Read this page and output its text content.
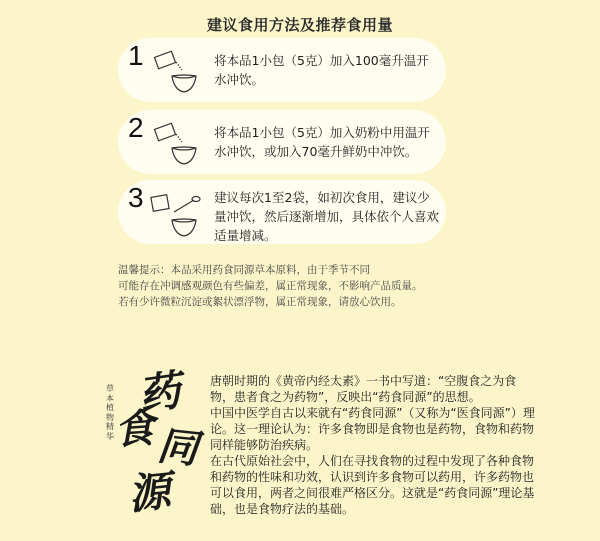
建议食用方法及推荐食用量
1	将本品1小包（5克）加入100毫升温开水冲饮。
2	将本品1小包（5克）加入奶粉中用温开水冲饮，或加入70毫升鲜奶中冲饮。
3	建议每次1至2袋，如初次食用，建议少量冲饮，然后逐渐增加，具体依个人喜欢适量增减。

温馨提示：本品采用药食同源草本原料，由于季节不同

可能存在冲调感观颜色有些偏差，属正常现象，不影响产品质量。

若有少许微粒沉淀或絮状漂浮物，属正常现象，请放心饮用。

药
食 同
源
草本植物精华

唐朝时期的《黄帝内经太素》一书中写道：“空腹食之为食物，患者食之为药物”，反映出“药食同源”的思想。

中国中医学自古以来就有“药食同源”（又称为“医食同源”）理论。这一理论认为：许多食物即是食物也是药物，食物和药物同样能够防治疾病。

在古代原始社会中，人们在寻找食物的过程中发现了各种食物和药物的性味和功效，认识到许多食物可以药用，许多药物也可以食用，两者之间很难严格区分。这就是“药食同源”理论基础，也是食物疗法的基础。
